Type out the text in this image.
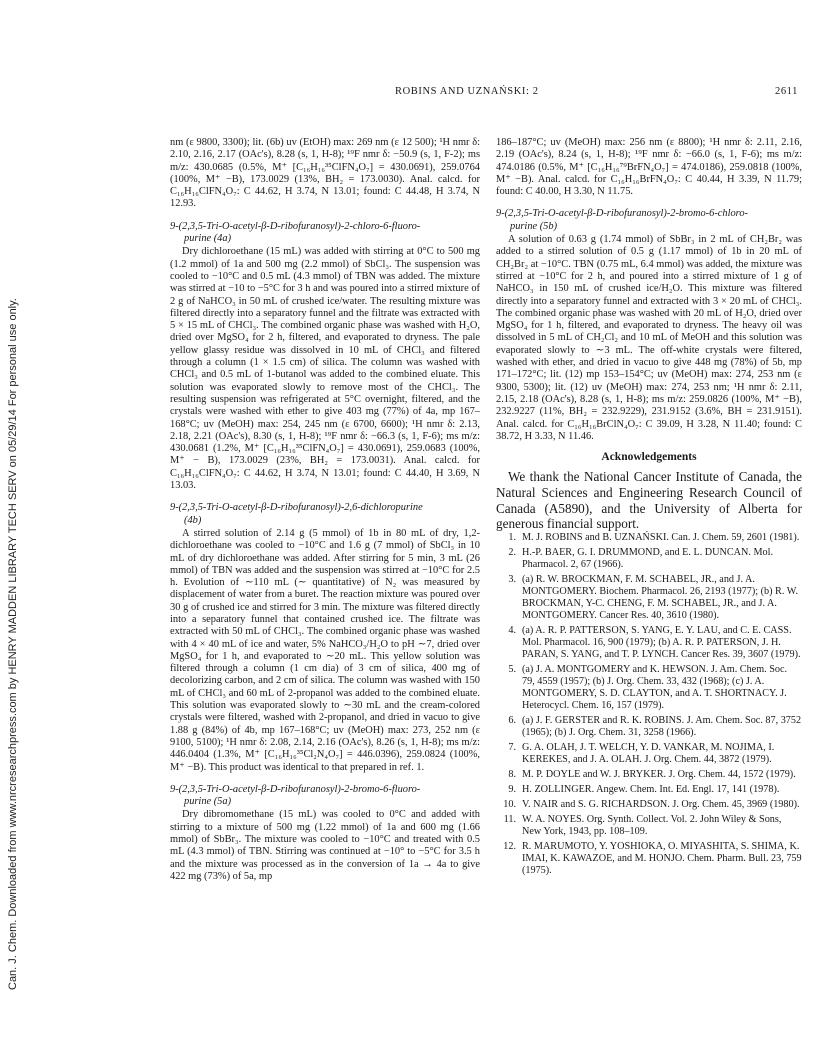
Can. J. Chem. Downloaded from www.nrcresearchpress.com by HENRY MADDEN LIBRARY TECH SERV on 05/29/14 For personal use only.
ROBINS AND UZNAŃSKI: 2	2611

nm (ε 9800, 3300); lit. (6b) uv (EtOH) max: 269 nm (ε 12 500); ¹H nmr δ: 2.10, 2.16, 2.17 (OAc's), 8.28 (s, 1, H-8); ¹⁹F nmr δ: −50.9 (s, 1, F-2); ms m/z: 430.0685 (0.5%, M⁺ [C₁₆H₁₆³⁵ClFN₄O₇] = 430.0691), 259.0764 (100%, M⁺ −B), 173.0029 (13%, BH₂ = 173.0030). Anal. calcd. for C₁₆H₁₆ClFN₄O₇: C 44.62, H 3.74, N 13.01; found: C 44.48, H 3.74, N 12.93.

9-(2,3,5-Tri-O-acetyl-β-D-ribofuranosyl)-2-chloro-6-fluoro-
purine (4a)

Dry dichloroethane (15 mL) was added with stirring at 0°C to 500 mg (1.2 mmol) of 1a and 500 mg (2.2 mmol) of SbCl₃. The suspension was cooled to −10°C and 0.5 mL (4.3 mmol) of TBN was added. The mixture was stirred at −10 to −5°C for 3 h and was poured into a stirred mixture of 2 g of NaHCO₃ in 50 mL of crushed ice/water. The resulting mixture was filtered directly into a separatory funnel and the filtrate was extracted with 5 × 15 mL of CHCl₃. The combined organic phase was washed with H₂O, dried over MgSO₄ for 2 h, filtered, and evaporated to dryness. The pale yellow glassy residue was dissolved in 10 mL of CHCl₃ and filtered through a column (1 × 1.5 cm) of silica. The column was washed with CHCl₃ and 0.5 mL of 1-butanol was added to the combined eluate. This solution was evaporated slowly to remove most of the CHCl₃. The resulting suspension was refrigerated at 5°C overnight, filtered, and the crystals were washed with ether to give 403 mg (77%) of 4a, mp 167–168°C; uv (MeOH) max: 254, 245 nm (ε 6700, 6600); ¹H nmr δ: 2.13, 2.18, 2.21 (OAc's), 8.30 (s, 1, H-8); ¹⁹F nmr δ: −66.3 (s, 1, F-6); ms m/z: 430.0681 (1.2%, M⁺ [C₁₆H₁₆³⁵ClFN₄O₇] = 430.0691), 259.0683 (100%, M⁺ − B), 173.0029 (23%, BH₂ = 173.0031). Anal. calcd. for C₁₆H₁₆ClFN₄O₇: C 44.62, H 3.74, N 13.01; found: C 44.40, H 3.69, N 13.03.

9-(2,3,5-Tri-O-acetyl-β-D-ribofuranosyl)-2,6-dichloropurine
(4b)

A stirred solution of 2.14 g (5 mmol) of 1b in 80 mL of dry, 1,2-dichloroethane was cooled to −10°C and 1.6 g (7 mmol) of SbCl₃ in 10 mL of dry dichloroethane was added. After stirring for 5 min, 3 mL (26 mmol) of TBN was added and the suspension was stirred at −10°C for 2.5 h. Evolution of ∼110 mL (∼ quantitative) of N₂ was measured by displacement of water from a buret. The reaction mixture was poured over 30 g of crushed ice and stirred for 3 min. The mixture was filtered directly into a separatory funnel that contained crushed ice. The filtrate was extracted with 50 mL of CHCl₃. The combined organic phase was washed with 4 × 40 mL of ice and water, 5% NaHCO₃/H₂O to pH ∼7, dried over MgSO₄ for 1 h, and evaporated to ∼20 mL. This yellow solution was filtered through a column (1 cm dia) of 3 cm of silica, 400 mg of decolorizing carbon, and 2 cm of silica. The column was washed with 150 mL of CHCl₃ and 60 mL of 2-propanol was added to the combined eluate. This solution was evaporated slowly to ∼30 mL and the cream-colored crystals were filtered, washed with 2-propanol, and dried in vacuo to give 1.88 g (84%) of 4b, mp 167–168°C; uv (MeOH) max: 273, 252 nm (ε 9100, 5100); ¹H nmr δ: 2.08, 2.14, 2.16 (OAc's), 8.26 (s, 1, H-8); ms m/z: 446.0404 (1.3%, M⁺ [C₁₆H₁₆³⁵Cl₂N₄O₇] = 446.0396), 259.0824 (100%, M⁺ −B). This product was identical to that prepared in ref. 1.

9-(2,3,5-Tri-O-acetyl-β-D-ribofuranosyl)-2-bromo-6-fluoro-
purine (5a)

Dry dibromomethane (15 mL) was cooled to 0°C and added with stirring to a mixture of 500 mg (1.22 mmol) of 1a and 600 mg (1.66 mmol) of SbBr₃. The mixture was cooled to −10°C and treated with 0.5 mL (4.3 mmol) of TBN. Stirring was continued at −10° to −5°C for 3.5 h and the mixture was processed as in the conversion of 1a → 4a to give 422 mg (73%) of 5a, mp

186–187°C; uv (MeOH) max: 256 nm (ε 8800); ¹H nmr δ: 2.11, 2.16, 2.19 (OAc's), 8.24 (s, 1, H-8); ¹⁹F nmr δ: −66.0 (s, 1, F-6); ms m/z: 474.0186 (0.5%, M⁺ [C₁₆H₁₆⁷⁹BrFN₄O₇] = 474.0186), 259.0818 (100%, M⁺ −B). Anal. calcd. for C₁₆H₁₆BrFN₄O₇: C 40.44, H 3.39, N 11.79; found: C 40.00, H 3.30, N 11.75.

9-(2,3,5-Tri-O-acetyl-β-D-ribofuranosyl)-2-bromo-6-chloro-
purine (5b)

A solution of 0.63 g (1.74 mmol) of SbBr₃ in 2 mL of CH₂Br₂ was added to a stirred solution of 0.5 g (1.17 mmol) of 1b in 20 mL of CH₂Br₂ at −10°C. TBN (0.75 mL, 6.4 mmol) was added, the mixture was stirred at −10°C for 2 h, and poured into a stirred mixture of 1 g of NaHCO₃ in 150 mL of crushed ice/H₂O. This mixture was filtered directly into a separatory funnel and extracted with 3 × 20 mL of CHCl₃. The combined organic phase was washed with 20 mL of H₂O, dried over MgSO₄ for 1 h, filtered, and evaporated to dryness. The heavy oil was dissolved in 5 mL of CH₂Cl₂ and 10 mL of MeOH and this solution was evaporated slowly to ∼3 mL. The off-white crystals were filtered, washed with ether, and dried in vacuo to give 448 mg (78%) of 5b, mp 171–172°C; lit. (12) mp 153–154°C; uv (MeOH) max: 274, 253 nm (ε 9300, 5300); lit. (12) uv (MeOH) max: 274, 253 nm; ¹H nmr δ: 2.11, 2.15, 2.18 (OAc's), 8.28 (s, 1, H-8); ms m/z: 259.0826 (100%, M⁺ −B), 232.9227 (11%, BH₂ = 232.9229), 231.9152 (3.6%, BH = 231.9151). Anal. calcd. for C₁₆H₁₆BrClN₄O₇: C 39.09, H 3.28, N 11.40; found: C 38.72, H 3.33, N 11.46.

Acknowledgements

We thank the National Cancer Institute of Canada, the Natural Sciences and Engineering Research Council of Canada (A5890), and the University of Alberta for generous financial support.

1. M. J. ROBINS and B. UZNAŃSKI. Can. J. Chem. 59, 2601 (1981).
2. H.-P. BAER, G. I. DRUMMOND, and E. L. DUNCAN. Mol. Pharmacol. 2, 67 (1966).
3. (a) R. W. BROCKMAN, F. M. SCHABEL, JR., and J. A. MONTGOMERY. Biochem. Pharmacol. 26, 2193 (1977); (b) R. W. BROCKMAN, Y-C. CHENG, F. M. SCHABEL, JR., and J. A. MONTGOMERY. Cancer Res. 40, 3610 (1980).
4. (a) A. R. P. PATTERSON, S. YANG, E. Y. LAU, and C. E. CASS. Mol. Pharmacol. 16, 900 (1979); (b) A. R. P. PATERSON, J. H. PARAN, S. YANG, and T. P. LYNCH. Cancer Res. 39, 3607 (1979).
5. (a) J. A. MONTGOMERY and K. HEWSON. J. Am. Chem. Soc. 79, 4559 (1957); (b) J. Org. Chem. 33, 432 (1968); (c) J. A. MONTGOMERY, S. D. CLAYTON, and A. T. SHORTNACY. J. Heterocycl. Chem. 16, 157 (1979).
6. (a) J. F. GERSTER and R. K. ROBINS. J. Am. Chem. Soc. 87, 3752 (1965); (b) J. Org. Chem. 31, 3258 (1966).
7. G. A. OLAH, J. T. WELCH, Y. D. VANKAR, M. NOJIMA, I. KEREKES, and J. A. OLAH. J. Org. Chem. 44, 3872 (1979).
8. M. P. DOYLE and W. J. BRYKER. J. Org. Chem. 44, 1572 (1979).
9. H. ZOLLINGER. Angew. Chem. Int. Ed. Engl. 17, 141 (1978).
10. V. NAIR and S. G. RICHARDSON. J. Org. Chem. 45, 3969 (1980).
11. W. A. NOYES. Org. Synth. Collect. Vol. 2. John Wiley & Sons, New York, 1943, pp. 108–109.
12. R. MARUMOTO, Y. YOSHIOKA, O. MIYASHITA, S. SHIMA, K. IMAI, K. KAWAZOE, and M. HONJO. Chem. Pharm. Bull. 23, 759 (1975).
